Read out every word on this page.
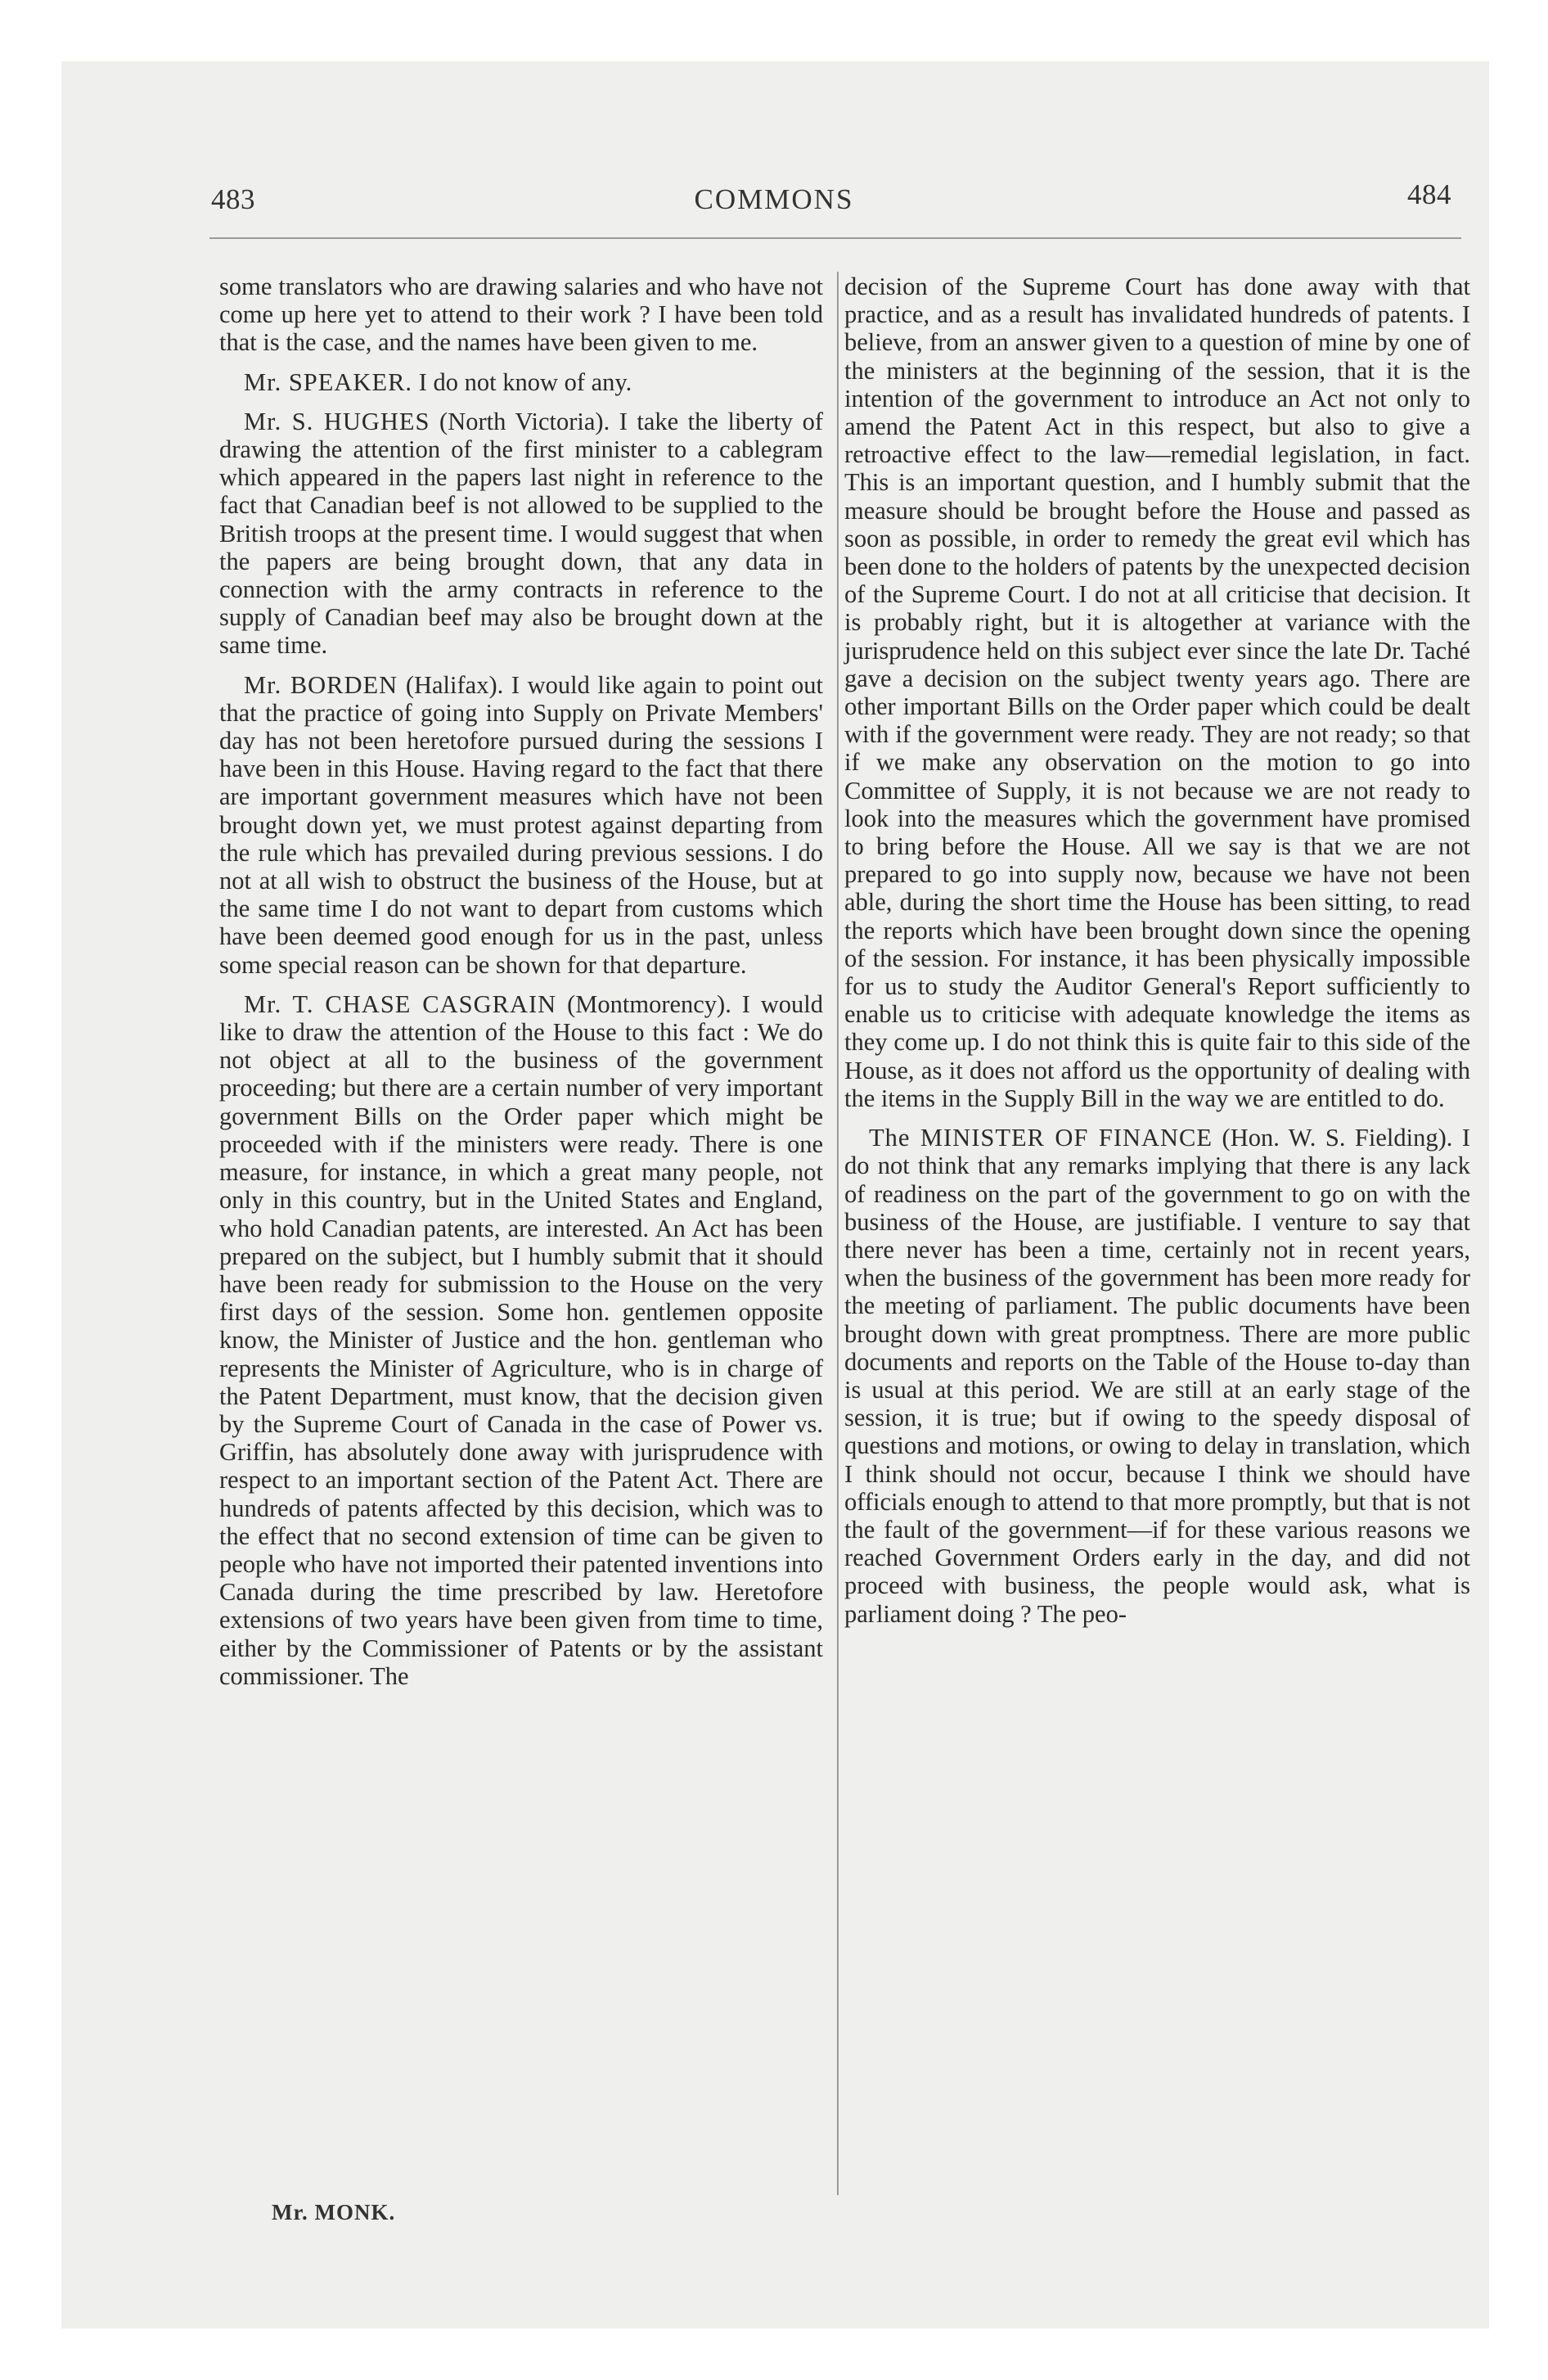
483	COMMONS	484

some translators who are drawing salaries and who have not come up here yet to attend to their work ? I have been told that is the case, and the names have been given to me.

Mr. SPEAKER. I do not know of any.

Mr. S. HUGHES (North Victoria). I take the liberty of drawing the attention of the first minister to a cablegram which appeared in the papers last night in reference to the fact that Canadian beef is not allowed to be supplied to the British troops at the present time. I would suggest that when the papers are being brought down, that any data in connection with the army contracts in reference to the supply of Canadian beef may also be brought down at the same time.

Mr. BORDEN (Halifax). I would like again to point out that the practice of going into Supply on Private Members' day has not been heretofore pursued during the sessions I have been in this House. Having regard to the fact that there are important government measures which have not been brought down yet, we must protest against departing from the rule which has prevailed during previous sessions. I do not at all wish to obstruct the business of the House, but at the same time I do not want to depart from customs which have been deemed good enough for us in the past, unless some special reason can be shown for that departure.

Mr. T. CHASE CASGRAIN (Montmorency). I would like to draw the attention of the House to this fact : We do not object at all to the business of the government proceeding; but there are a certain number of very important government Bills on the Order paper which might be proceeded with if the ministers were ready. There is one measure, for instance, in which a great many people, not only in this country, but in the United States and England, who hold Canadian patents, are interested. An Act has been prepared on the subject, but I humbly submit that it should have been ready for submission to the House on the very first days of the session. Some hon. gentlemen opposite know, the Minister of Justice and the hon. gentleman who represents the Minister of Agriculture, who is in charge of the Patent Department, must know, that the decision given by the Supreme Court of Canada in the case of Power vs. Griffin, has absolutely done away with jurisprudence with respect to an important section of the Patent Act. There are hundreds of patents affected by this decision, which was to the effect that no second extension of time can be given to people who have not imported their patented inventions into Canada during the time prescribed by law. Heretofore extensions of two years have been given from time to time, either by the Commissioner of Patents or by the assistant commissioner. The

decision of the Supreme Court has done away with that practice, and as a result has invalidated hundreds of patents. I believe, from an answer given to a question of mine by one of the ministers at the beginning of the session, that it is the intention of the government to introduce an Act not only to amend the Patent Act in this respect, but also to give a retroactive effect to the law—remedial legislation, in fact. This is an important question, and I humbly submit that the measure should be brought before the House and passed as soon as possible, in order to remedy the great evil which has been done to the holders of patents by the unexpected decision of the Supreme Court. I do not at all criticise that decision. It is probably right, but it is altogether at variance with the jurisprudence held on this subject ever since the late Dr. Taché gave a decision on the subject twenty years ago. There are other important Bills on the Order paper which could be dealt with if the government were ready. They are not ready; so that if we make any observation on the motion to go into Committee of Supply, it is not because we are not ready to look into the measures which the government have promised to bring before the House. All we say is that we are not prepared to go into supply now, because we have not been able, during the short time the House has been sitting, to read the reports which have been brought down since the opening of the session. For instance, it has been physically impossible for us to study the Auditor General's Report sufficiently to enable us to criticise with adequate knowledge the items as they come up. I do not think this is quite fair to this side of the House, as it does not afford us the opportunity of dealing with the items in the Supply Bill in the way we are entitled to do.

The MINISTER OF FINANCE (Hon. W. S. Fielding). I do not think that any remarks implying that there is any lack of readiness on the part of the government to go on with the business of the House, are justifiable. I venture to say that there never has been a time, certainly not in recent years, when the business of the government has been more ready for the meeting of parliament. The public documents have been brought down with great promptness. There are more public documents and reports on the Table of the House to-day than is usual at this period. We are still at an early stage of the session, it is true; but if owing to the speedy disposal of questions and motions, or owing to delay in translation, which I think should not occur, because I think we should have officials enough to attend to that more promptly, but that is not the fault of the government—if for these various reasons we reached Government Orders early in the day, and did not proceed with business, the people would ask, what is parliament doing ? The peo-

Mr. MONK.
